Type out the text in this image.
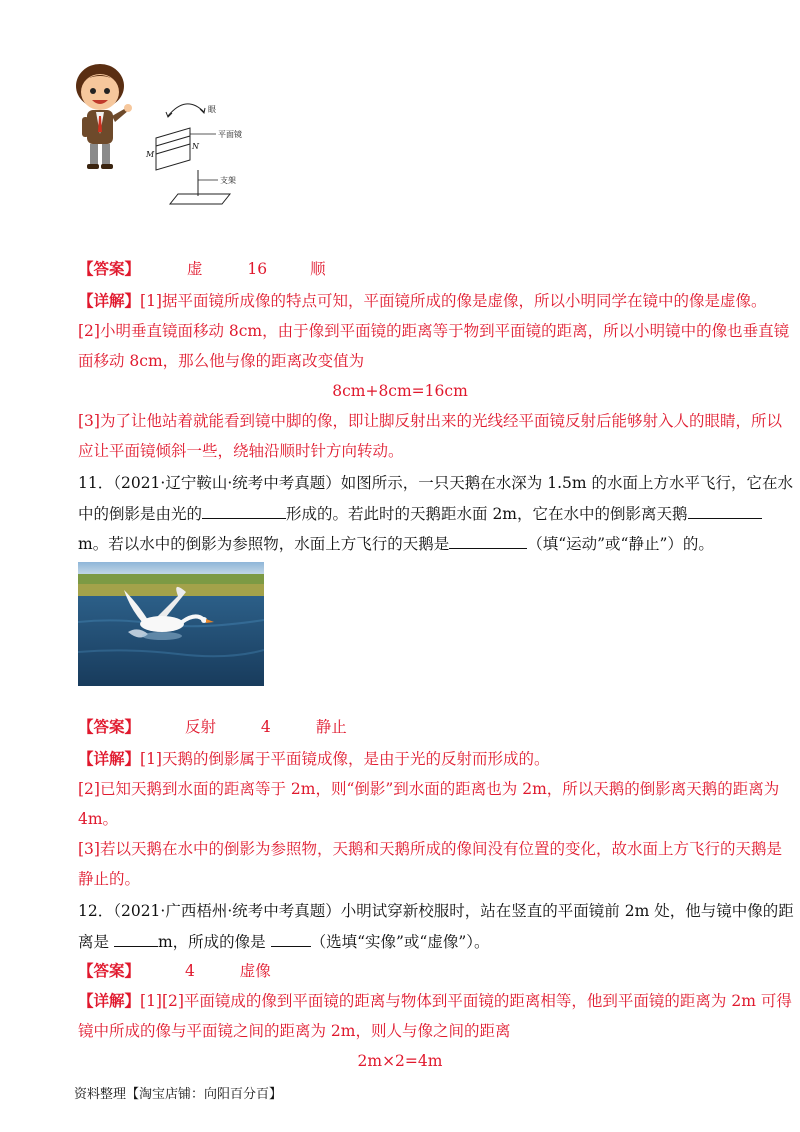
眼
平面镜
支架
M
N
【答案】	虚	16	顺
【详解】[1]据平面镜所成像的特点可知，平面镜所成的像是虚像，所以小明同学在镜中的像是虚像。
[2]小明垂直镜面移动 8cm，由于像到平面镜的距离等于物到平面镜的距离，所以小明镜中的像也垂直镜
面移动 8cm，那么他与像的距离改变值为
8cm+8cm=16cm
[3]为了让他站着就能看到镜中脚的像，即让脚反射出来的光线经平面镜反射后能够射入人的眼睛，所以
应让平面镜倾斜一些，绕轴沿顺时针方向转动。
11．（2021·辽宁鞍山·统考中考真题）如图所示，一只天鹅在水深为 1.5m 的水面上方水平飞行，它在水
中的倒影是由光的	形成的。若此时的天鹅距水面 2m，它在水中的倒影离天鹅
m。若以水中的倒影为参照物，水面上方飞行的天鹅是	（填“运动”或“静止”）的。
【答案】	反射	4	静止
【详解】[1]天鹅的倒影属于平面镜成像，是由于光的反射而形成的。
[2]已知天鹅到水面的距离等于 2m，则“倒影”到水面的距离也为 2m，所以天鹅的倒影离天鹅的距离为
4m。
[3]若以天鹅在水中的倒影为参照物，天鹅和天鹅所成的像间没有位置的变化，故水面上方飞行的天鹅是
静止的。
12．（2021·广西梧州·统考中考真题）小明试穿新校服时，站在竖直的平面镜前 2m 处，他与镜中像的距
离是	m，所成的像是	（选填“实像”或“虚像”）。
【答案】	4	虚像
【详解】[1][2]平面镜成的像到平面镜的距离与物体到平面镜的距离相等，他到平面镜的距离为 2m 可得
镜中所成的像与平面镜之间的距离为 2m，则人与像之间的距离
2m×2=4m
资料整理【淘宝店铺：向阳百分百】
